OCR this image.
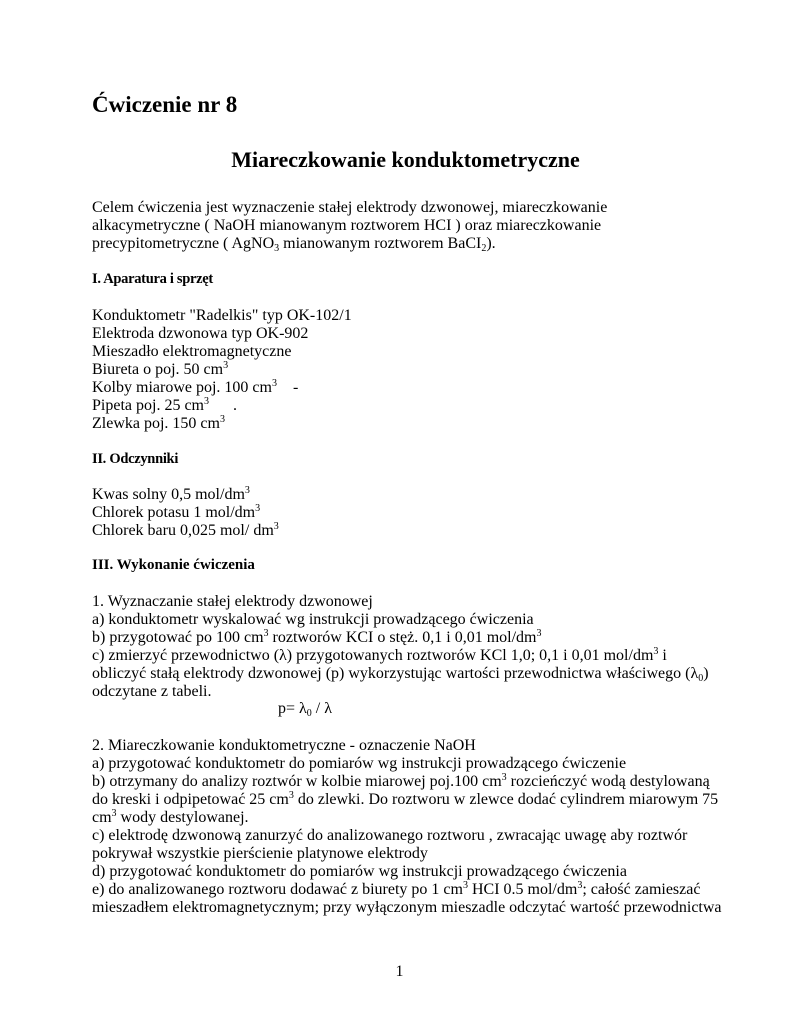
Ćwiczenie nr 8
Miareczkowanie konduktometryczne
Celem ćwiczenia jest wyznaczenie stałej elektrody dzwonowej, miareczkowanie
alkacymetryczne ( NaOH mianowanym roztworem HCI ) oraz miareczkowanie
precypitometryczne ( AgNO$_3$ mianowanym roztworem BaCI$_2$).
I. Aparatura i sprzęt
Konduktometr "Radelkis" typ OK-102/1
Elektroda dzwonowa typ OK-902
Mieszadło elektromagnetyczne
Biureta o poj. 50 $cm^3$
Kolby miarowe poj. 100 $cm^3$    -
Pipeta poj. 25 $cm^3$      .
Zlewka poj. 150 $cm^3$
II. Odczynniki
Kwas solny 0,5 mol/$dm^3$
Chlorek potasu 1 mol/$dm^3$
Chlorek baru 0,025 mol/ $dm^3$
III. Wykonanie ćwiczenia
1. Wyznaczanie stałej elektrody dzwonowej
a) konduktometr wyskalować wg instrukcji prowadzącego ćwiczenia
b) przygotować po 100 $cm^3$ roztworów KCI o stęż. 0,1 i 0,01 mol/$dm^3$
c) zmierzyć przewodnictwo (λ) przygotowanych roztworów KCl 1,0; 0,1 i 0,01 mol/$dm^3$ i
obliczyć stałą elektrody dzwonowej (p) wykorzystując wartości przewodnictwa właściwego $(\lambda_0)$
odczytane z tabeli.
$p= \lambda_0 / \lambda$
2. Miareczkowanie konduktometryczne - oznaczenie NaOH
a) przygotować konduktometr do pomiarów wg instrukcji prowadzącego ćwiczenie
b) otrzymany do analizy roztwór w kolbie miarowej poj.100 $cm^3$ rozcieńczyć wodą destylowaną
do kreski i odpipetować 25 $cm^3$ do zlewki. Do roztworu w zlewce dodać cylindrem miarowym 75
$cm^3$ wody destylowanej.
c) elektrodę dzwonową zanurzyć do analizowanego roztworu , zwracając uwagę aby roztwór
pokrywał wszystkie pierścienie platynowe elektrody
d) przygotować konduktometr do pomiarów wg instrukcji prowadzącego ćwiczenia
e) do analizowanego roztworu dodawać z biurety po 1 $cm^3$ HCI 0.5 mol/$dm^3$; całość zamieszać
mieszadłem elektromagnetycznym; przy wyłączonym mieszadle odczytać wartość przewodnictwa
1
